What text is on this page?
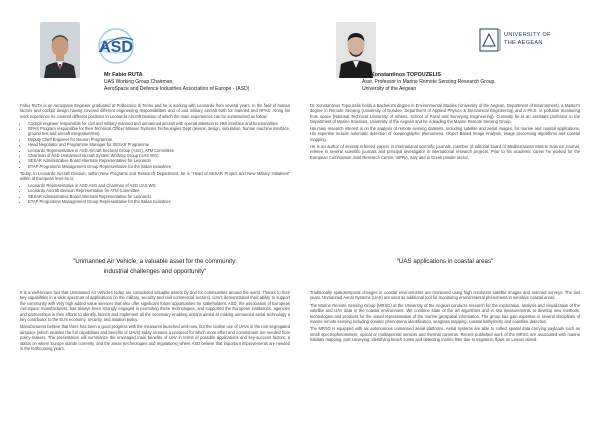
ASD
Mr Fabio RUTA
UAS Working Group Chairman,
AeroSpace and Defence Industries Association of Europe - (ASD)

Fabio RUTA is an Aerospace Engineer graduated at Politecnico di Torino and he is working with Leonardo from several years. In the field of human factors and cockpit design having covered different engineering responsibilities and of and military aircraft both for manned and RPAS. Along his work experience he covered different positions in Leonardo Aircraft Division of which the main experiences can be summarized as follow:

• Cockpit engineer responsible for civil and military manned and unmanned aircraft with special attention to HMI interface and functionalities
• RPAS Program responsible for then Technical Officer Mission Systems Technologies Dept (avionic design, simulation, human machine interface, ground test and aircraft integration/test)
• Deputy Chief Engineer for Neuron Programme
• Head Negotiator and Programme Manager for SESAR Programme
• Leonardo Representative in ASD Aircraft Sectoral Group (ASG), ATM Committee
• Chairman of ASD Unmanned Aircraft System Working Group (UAS WG)
• SESAR Administrative Board Alternate Representative for Leonardo
• ETAP Programme Management Group Representative for the Italian Industries

Today, in Leonardo Aircraft Division, within New Programs and Research Department, he is "Head of SESAR Project and New Military Initiatives" within at European level he is:

• Leonardo Representative in ASD ASG and Chairman of ASD UAS WG
• Leonardo Aircraft Division Representative for ATM Committee
• SESAR Administrative Board Alternate Representative for Leonardo
• ETAP Programme Management Group Representative for the Italian Industries
"Unmanned Air Vehicle, a valuable asset for the community:
industrial challenges and opportunity"

It is a well-known fact that Unmanned Air Vehicles today are considered valuable assets by and for communities around the world. Thanks to their key capabilities in a wide spectrum of applications (in the military, security and civil commercial sectors). UAVs demonstrated their ability to support the community with very high added value services that also offer significant future opportunities for stakeholders. ASD, the association of European Aerospace manufacturers, has always been strongly engaged in promoting these technologies, and supported the European institutions, agencies and partnerships in their efforts to identify, launch and implement all the necessary enabling actions aimed at making unmanned aerial technology a key contributor to the EU's economy, security, and aviation policy.

Manufacturers believe that there has been a good progress with the measures launched until now, but the routine use of UAVs in the non-segregated airspace (which enables the full capabilities and benefits of UAVs) today remains a prospect for which more effort and commitment are needed from policy-makers. The presentation will summarize the envisaged main benefits of UAV in terms of possible applications and key-success factors, a status on where Europe stands currently, and the areas (technologies and regulations) where ASD believe that important improvements are needed in the forthcoming years.

UNIVERSITY OF
THE AEGEAN
Dr. Konstantinos TOPOUZELIS
Asst. Professor in Marine Remote Sensing Research Group,
University of the Aegean

Dr. Konstantinos Topouzelis holds a Bachelor's degree in Environmental Studies (University of the Aegean, Department of Environment), a Master's degree in Remote Sensing (University of Dundee, Department of Applied Physics & Electronical Engineering) and a Ph.D. in pollution monitoring from space (National Technical University of Athens, School of Rural and Surveying Engineering). Currently he is an assistant professor in the Department of Marine Sciences, University of the Aegean and he is leading the Marine Remote Sensing Group.

His main research interest is on the analysis of remote sensing datasets, including satellite and aerial images, for marine and coastal applications. His expertise include automatic detection of oceanographic phenomena, Object Based Image Analysis, image processing algorithms and coastal mapping.

He is an author of several refereed papers in international scientific journals, member of editorial board of Mediterranean Marine Science Journal, referee in several scientific journals and principal investigator in international research projects. Prior to his academic career he worked for the European Commission Joint Research Centre, ISPRA, Italy and in Greek private sector.

"UAS applications in coastal areas"

Traditionally spatiotemporal changes in coastal environments are monitored using high resolution satellite images and manned surveys. The last years, Unmanned Aerial Systems (UAS) are used as additional tool for monitoring environmental phenomena in sensitive coastal areas.

The Marine Remote Sensing Group (MRSG) at the University of the Aegean conducts research for the exploration, analysis and visualization of the satellite and UAV data in the coastal environment. We combine state of the art algorithms and in situ measurements to develop new methods, technologies and products for the visual representation of the marine geospatial information. The group has gain expertise in several disciplines of marine remote sensing including oceanic phenomena identification, seagrass mapping, coastal bathymetry and coastline detection.

The MRSG is equipped with six autonomous unmanned aerial platforms. Aerial systems are able to collect spatial data carrying payloads such as small spectrophotometers, optical or multispectral sensors and thermal cameras. Recent published work of the MRSG are associated with marine habitats mapping, port surveying, identifying beach zones and detecting marine litter due to migration, flows on Lesvos island.
